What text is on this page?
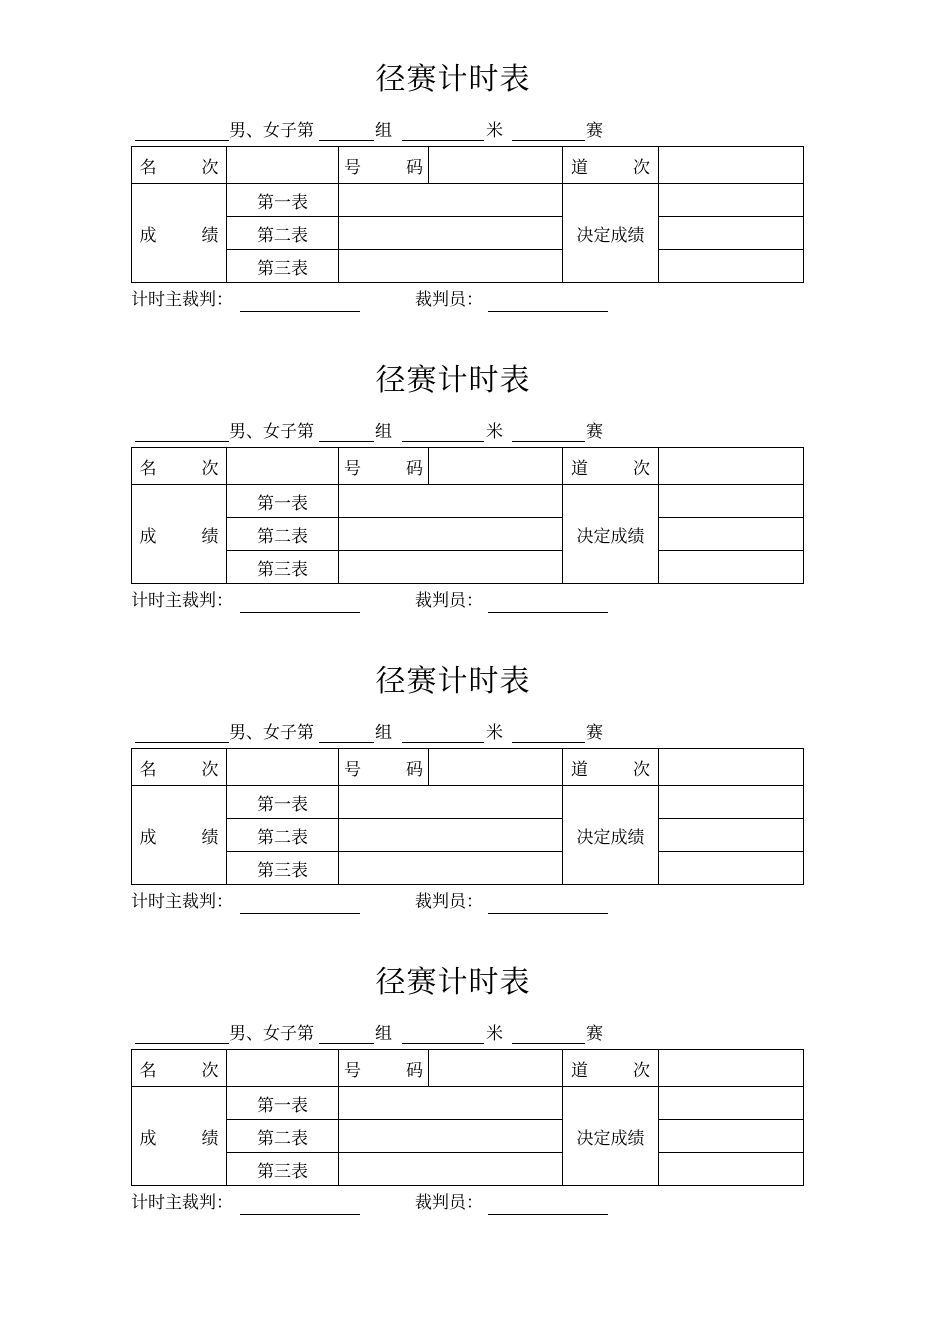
径赛计时表
男、女子第	组	米	赛
名　次		号　码		道　次	
成　绩	第一表			决定成绩	
	第二表				
	第三表				
计时主裁判：	裁判员：
径赛计时表
男、女子第	组	米	赛
名　次		号　码		道　次	
成　绩	第一表			决定成绩	
	第二表				
	第三表				
计时主裁判：	裁判员：
径赛计时表
男、女子第	组	米	赛
名　次		号　码		道　次	
成　绩	第一表			决定成绩	
	第二表				
	第三表				
计时主裁判：	裁判员：
径赛计时表
男、女子第	组	米	赛
名　次		号　码		道　次	
成　绩	第一表			决定成绩	
	第二表				
	第三表				
计时主裁判：	裁判员：
